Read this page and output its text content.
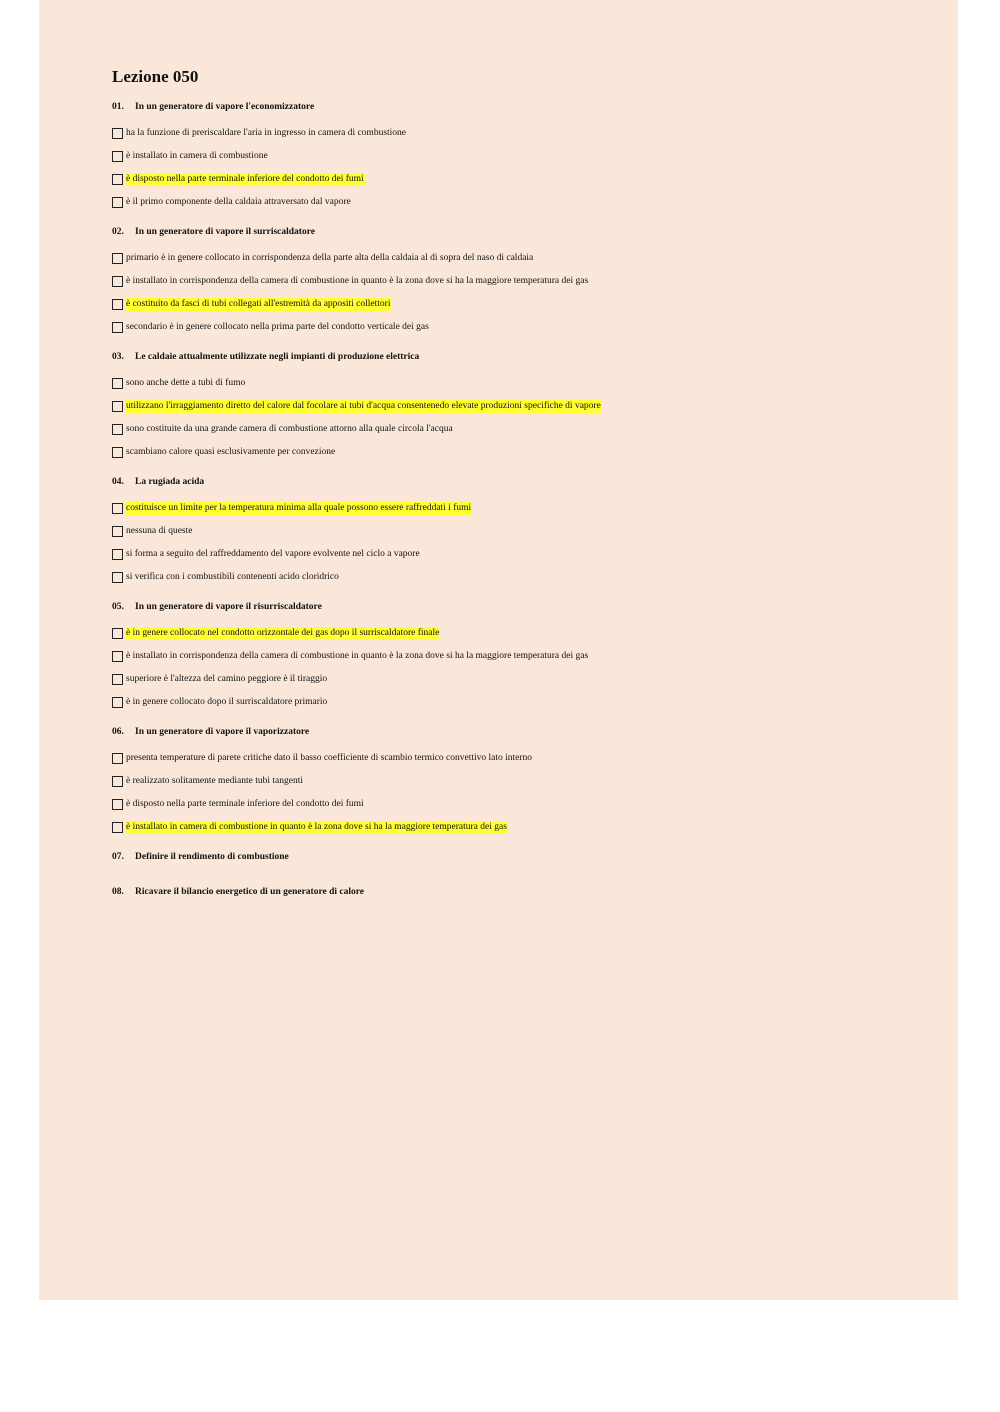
Lezione 050
01. In un generatore di vapore l'economizzatore
ha la funzione di preriscaldare l'aria in ingresso in camera di combustione
è installato in camera di combustione
è disposto nella parte terminale inferiore del condotto dei fumi
è il primo componente della caldaia attraversato dal vapore
02. In un generatore di vapore il surriscaldatore
primario è in genere collocato in corrispondenza della parte alta della caldaia al di sopra del naso di caldaia
è installato in corrispondenza della camera di combustione in quanto è la zona dove si ha la maggiore temperatura dei gas
è costituito da fasci di tubi collegati all'estremità da appositi collettori
secondario è in genere collocato nella prima parte del condotto verticale dei gas
03. Le caldaie attualmente utilizzate negli impianti di produzione elettrica
sono anche dette a tubi di fumo
utilizzano l'irraggiamento diretto del calore dal focolare ai tubi d'acqua consentenedo elevate produzioni specifiche di vapore
sono costituite da una grande camera di combustione attorno alla quale circola l'acqua
scambiano calore quasi esclusivamente per convezione
04. La rugiada acida
costituisce un limite per la temperatura minima alla quale possono essere raffreddati i fumi
nessuna di queste
si forma a seguito del raffreddamento del vapore evolvente nel ciclo a vapore
si verifica con i combustibili contenenti acido cloridrico
05. In un generatore di vapore il risurriscaldatore
è in genere collocato nel condotto orizzontale dei gas dopo il surriscaldatore finale
è installato in corrispondenza della camera di combustione in quanto è la zona dove si ha la maggiore temperatura dei gas
superiore è l'altezza del camino peggiore è il tiraggio
è in genere collocato dopo il surriscaldatore primario
06. In un generatore di vapore il vaporizzatore
presenta temperature di parete critiche dato il basso coefficiente di scambio termico convettivo lato interno
è realizzato solitamente mediante tubi tangenti
è disposto nella parte terminale inferiore del condotto dei fumi
è installato in camera di combustione in quanto è la zona dove si ha la maggiore temperatura dei gas
07. Definire il rendimento di combustione
08. Ricavare il bilancio energetico di un generatore di calore
